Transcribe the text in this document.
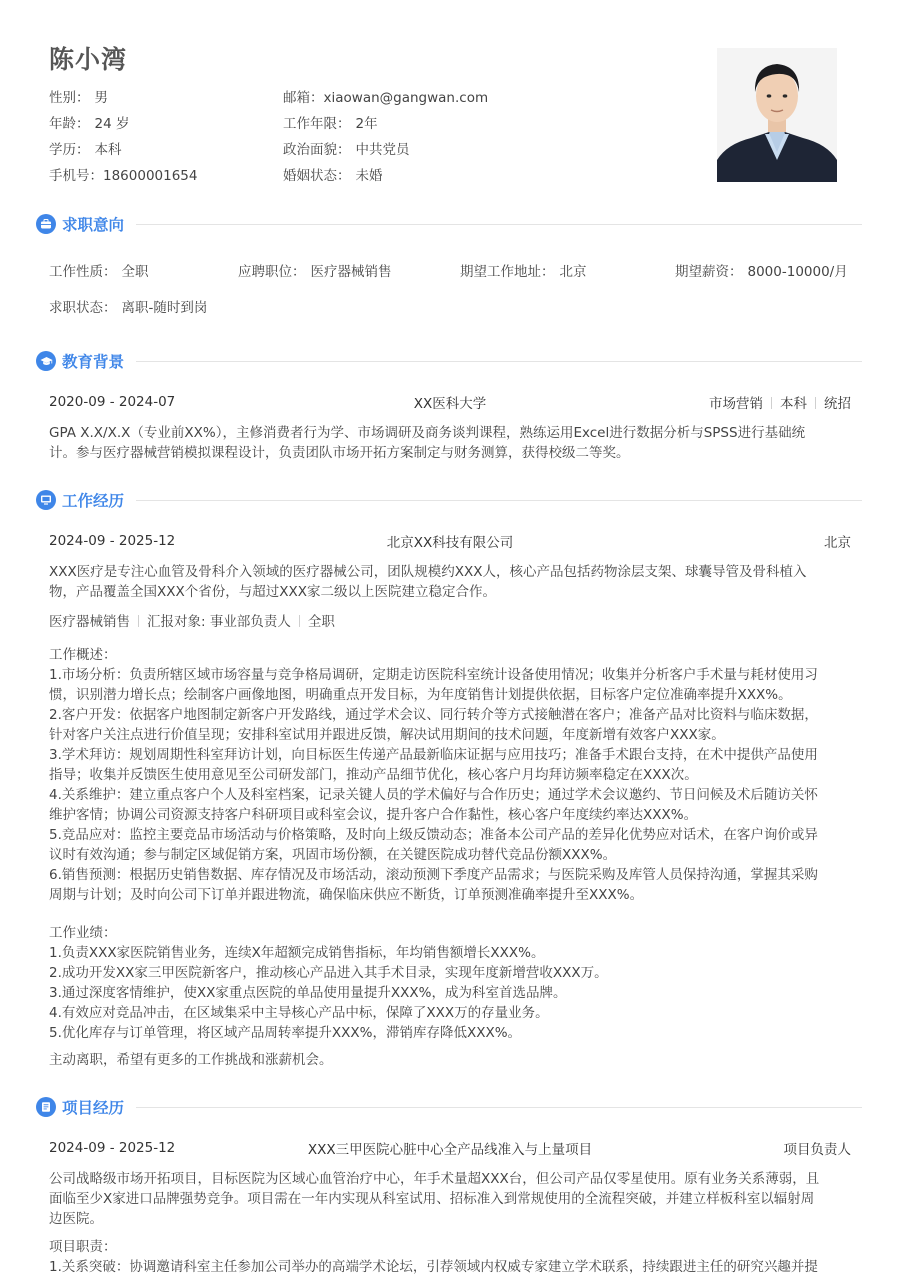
陈小湾
性别： 男	邮箱：xiaowan@gangwan.com
年龄： 24 岁	工作年限： 2年
学历： 本科	政治面貌： 中共党员
手机号：18600001654	婚姻状态： 未婚
求职意向
工作性质： 全职	应聘职位： 医疗器械销售	期望工作地址： 北京	期望薪资： 8000-10000/月
求职状态： 离职-随时到岗
教育背景
2020-09 - 2024-07	XX医科大学	市场营销 本科 统招
GPA X.X/X.X（专业前XX%），主修消费者行为学、市场调研及商务谈判课程，熟练运用Excel进行数据分析与SPSS进行基础统
计。参与医疗器械营销模拟课程设计，负责团队市场开拓方案制定与财务测算，获得校级二等奖。
工作经历
2024-09 - 2025-12	北京XX科技有限公司	北京
XXX医疗是专注心血管及骨科介入领域的医疗器械公司，团队规模约XXX人，核心产品包括药物涂层支架、球囊导管及骨科植入
物，产品覆盖全国XXX个省份，与超过XXX家二级以上医院建立稳定合作。
医疗器械销售 汇报对象: 事业部负责人 全职
工作概述：
1.市场分析：负责所辖区域市场容量与竞争格局调研，定期走访医院科室统计设备使用情况；收集并分析客户手术量与耗材使用习
惯，识别潜力增长点；绘制客户画像地图，明确重点开发目标，为年度销售计划提供依据，目标客户定位准确率提升XXX%。
2.客户开发：依据客户地图制定新客户开发路线，通过学术会议、同行转介等方式接触潜在客户；准备产品对比资料与临床数据，
针对客户关注点进行价值呈现；安排科室试用并跟进反馈，解决试用期间的技术问题，年度新增有效客户XXX家。
3.学术拜访：规划周期性科室拜访计划，向目标医生传递产品最新临床证据与应用技巧；准备手术跟台支持，在术中提供产品使用
指导；收集并反馈医生使用意见至公司研发部门，推动产品细节优化，核心客户月均拜访频率稳定在XXX次。
4.关系维护：建立重点客户个人及科室档案，记录关键人员的学术偏好与合作历史；通过学术会议邀约、节日问候及术后随访关怀
维护客情；协调公司资源支持客户科研项目或科室会议，提升客户合作黏性，核心客户年度续约率达XXX%。
5.竞品应对：监控主要竞品市场活动与价格策略，及时向上级反馈动态；准备本公司产品的差异化优势应对话术，在客户询价或异
议时有效沟通；参与制定区域促销方案，巩固市场份额，在关键医院成功替代竞品份额XXX%。
6.销售预测：根据历史销售数据、库存情况及市场活动，滚动预测下季度产品需求；与医院采购及库管人员保持沟通，掌握其采购
周期与计划；及时向公司下订单并跟进物流，确保临床供应不断货，订单预测准确率提升至XXX%。
工作业绩：
1.负责XXX家医院销售业务，连续X年超额完成销售指标，年均销售额增长XXX%。
2.成功开发XX家三甲医院新客户，推动核心产品进入其手术目录，实现年度新增营收XXX万。
3.通过深度客情维护，使XX家重点医院的单品使用量提升XXX%，成为科室首选品牌。
4.有效应对竞品冲击，在区域集采中主导核心产品中标，保障了XXX万的存量业务。
5.优化库存与订单管理，将区域产品周转率提升XXX%，滞销库存降低XXX%。
主动离职，希望有更多的工作挑战和涨薪机会。
项目经历
2024-09 - 2025-12	XXX三甲医院心脏中心全产品线准入与上量项目	项目负责人
公司战略级市场开拓项目，目标医院为区域心血管治疗中心，年手术量超XXX台，但公司产品仅零星使用。原有业务关系薄弱，且
面临至少X家进口品牌强势竞争。项目需在一年内实现从科室试用、招标准入到常规使用的全流程突破，并建立样板科室以辐射周
边医院。
项目职责：
1.关系突破：协调邀请科室主任参加公司举办的高端学术论坛，引荐领域内权威专家建立学术联系，持续跟进主任的研究兴趣并提
